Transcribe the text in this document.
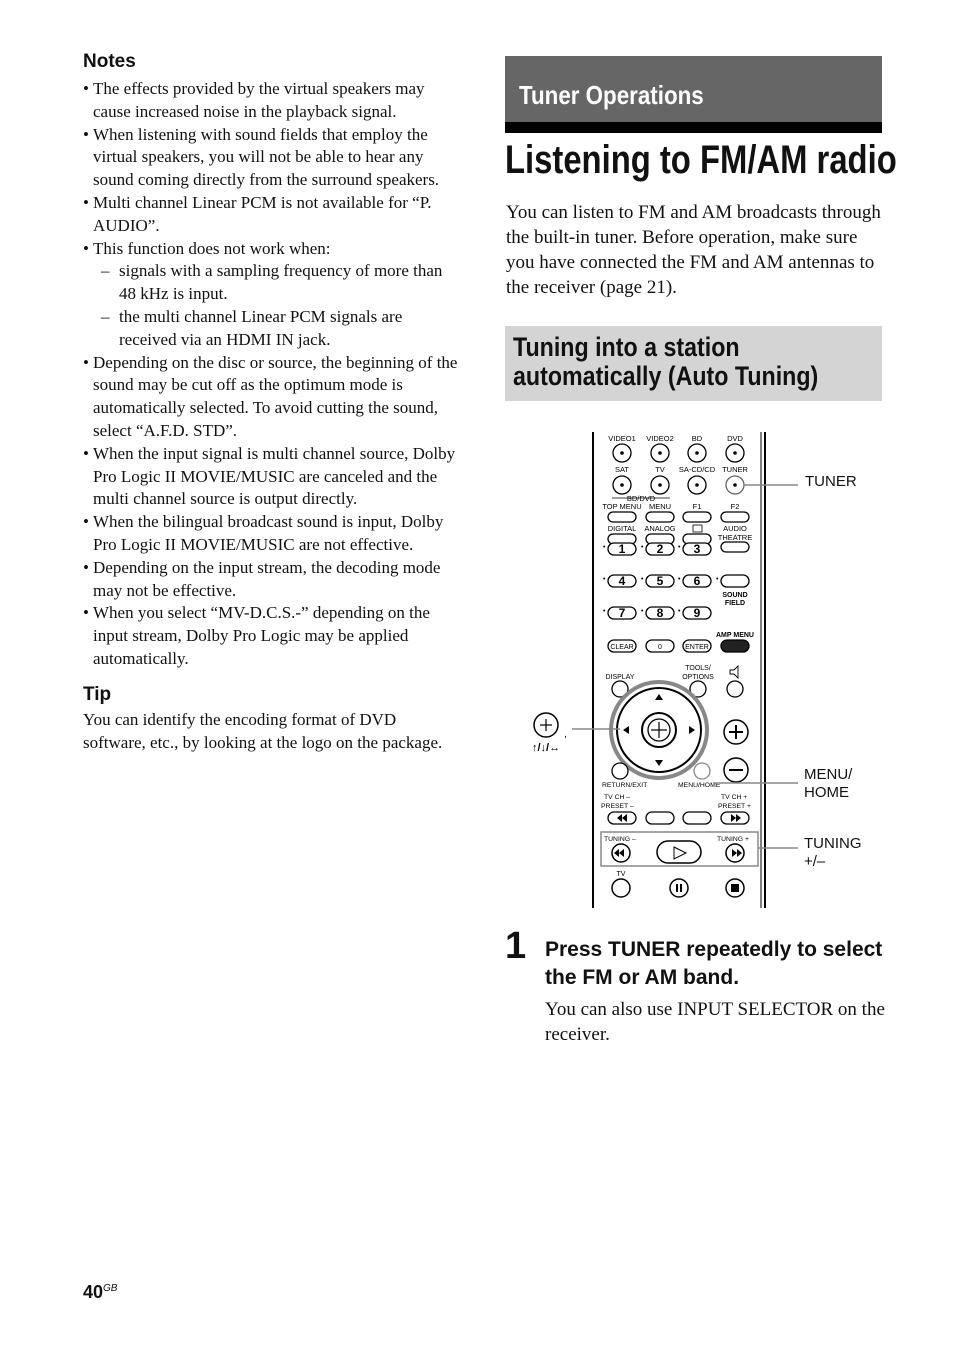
Notes
• The effects provided by the virtual speakers may cause increased noise in the playback signal.
• When listening with sound fields that employ the virtual speakers, you will not be able to hear any sound coming directly from the surround speakers.
• Multi channel Linear PCM is not available for “P. AUDIO”.
• This function does not work when:
– signals with a sampling frequency of more than 48 kHz is input.
– the multi channel Linear PCM signals are received via an HDMI IN jack.
• Depending on the disc or source, the beginning of the sound may be cut off as the optimum mode is automatically selected. To avoid cutting the sound, select “A.F.D. STD”.
• When the input signal is multi channel source, Dolby Pro Logic II MOVIE/MUSIC are canceled and the multi channel source is output directly.
• When the bilingual broadcast sound is input, Dolby Pro Logic II MOVIE/MUSIC are not effective.
• Depending on the input stream, the decoding mode may not be effective.
• When you select “MV-D.C.S.-” depending on the input stream, Dolby Pro Logic may be applied automatically.
Tip

You can identify the encoding format of DVD software, etc., by looking at the logo on the package.

Tuner Operations
Listening to FM/AM radio

You can listen to FM and AM broadcasts through the built-in tuner. Before operation, make sure you have connected the FM and AM antennas to the receiver (page 21).

Tuning into a station automatically (Auto Tuning)
VIDEO1 VIDEO2 BD	DVD
SAT	TV SA-CD/CD TUNER
BD/DVD
TOP MENU MENU	F1	F2
DIGITAL ANALOG	AUDIO
THEATRE
1	2	3
4	5	6
7	8	9
•	•	•
•	•	•	•
•	•	•
SOUND
FIELD
CLEAR	0	ENTER
AMP MENU
DISPLAY
TOOLS/
OPTIONS
RETURN/EXIT	MENU/HOME
TV CH –
PRESET –
TV CH +
PRESET +
TUNING –	TUNING +
TV
,
↑/↓/↔
TUNER
MENU/
HOME
TUNING
+/–
1 Press TUNER repeatedly to select the FM or AM band.

You can also use INPUT SELECTOR on the receiver.

$40^{GB}$
